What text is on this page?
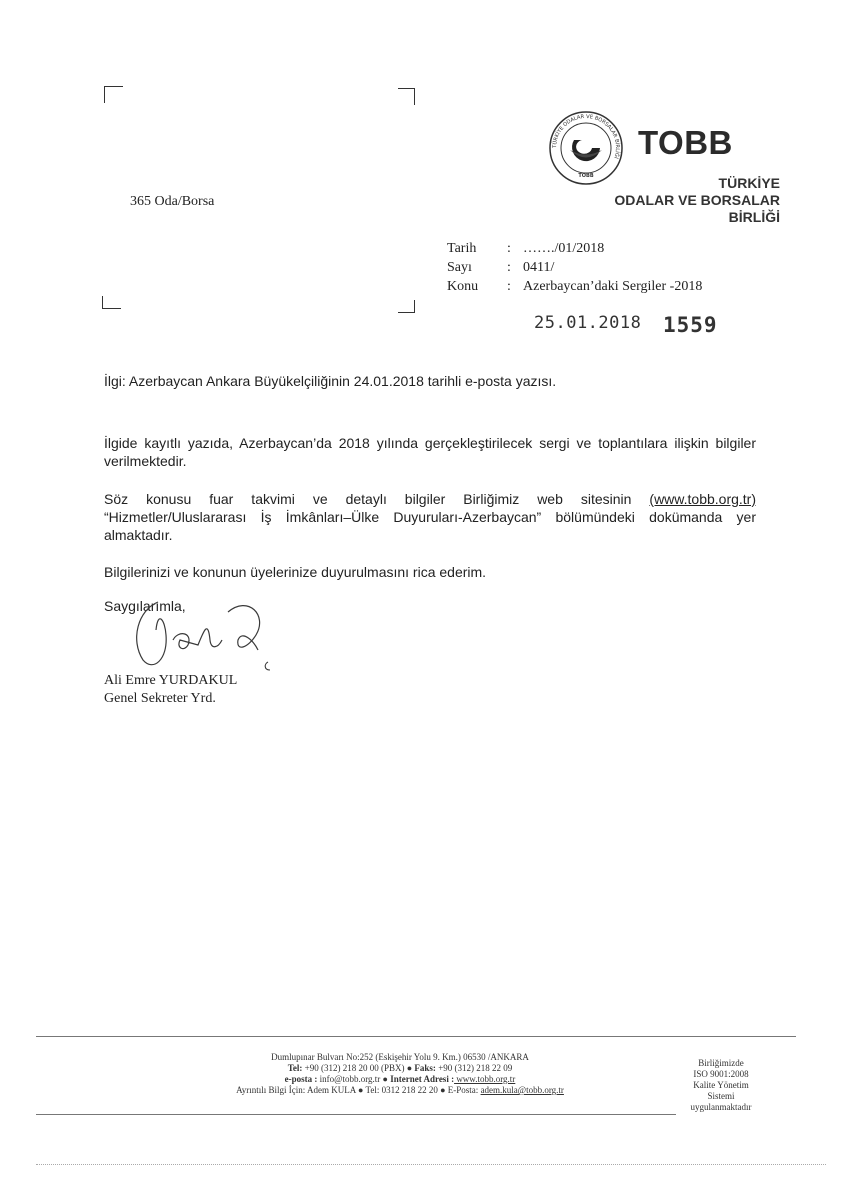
365 Oda/Borsa
TÜRKİYE ODALAR VE BORSALAR BİRLİĞİ
TOBB
TOBB
TÜRKİYE
ODALAR VE BORSALAR
BİRLİĞİ
Tarih	: ……./01/2018
Sayı	: 0411/
Konu	: Azerbaycan’daki Sergiler -2018
25.01.2018 1559
İlgi: Azerbaycan Ankara Büyükelçiliğinin 24.01.2018 tarihli e-posta yazısı.
İlgide kayıtlı yazıda, Azerbaycan’da 2018 yılında gerçekleştirilecek sergi ve toplantılara ilişkin bilgiler verilmektedir.
Söz konusu fuar takvimi ve detaylı bilgiler Birliğimiz web sitesinin (www.tobb.org.tr) “Hizmetler/Uluslararası İş İmkânları–Ülke Duyuruları-Azerbaycan” bölümündeki dokümanda yer almaktadır.
Bilgilerinizi ve konunun üyelerinize duyurulmasını rica ederim.
Saygılarımla,
Ali Emre YURDAKUL
Genel Sekreter Yrd.
Dumlupınar Bulvarı No:252 (Eskişehir Yolu 9. Km.) 06530 /ANKARA
Tel: +90 (312) 218 20 00 (PBX) ● Faks: +90 (312) 218 22 09
e-posta : info@tobb.org.tr ● Internet Adresi : www.tobb.org.tr
Ayrıntılı Bilgi İçin: Adem KULA ● Tel: 0312 218 22 20 ● E-Posta: adem.kula@tobb.org.tr
Birliğimizde
ISO 9001:2008
Kalite Yönetim
Sistemi
uygulanmaktadır
